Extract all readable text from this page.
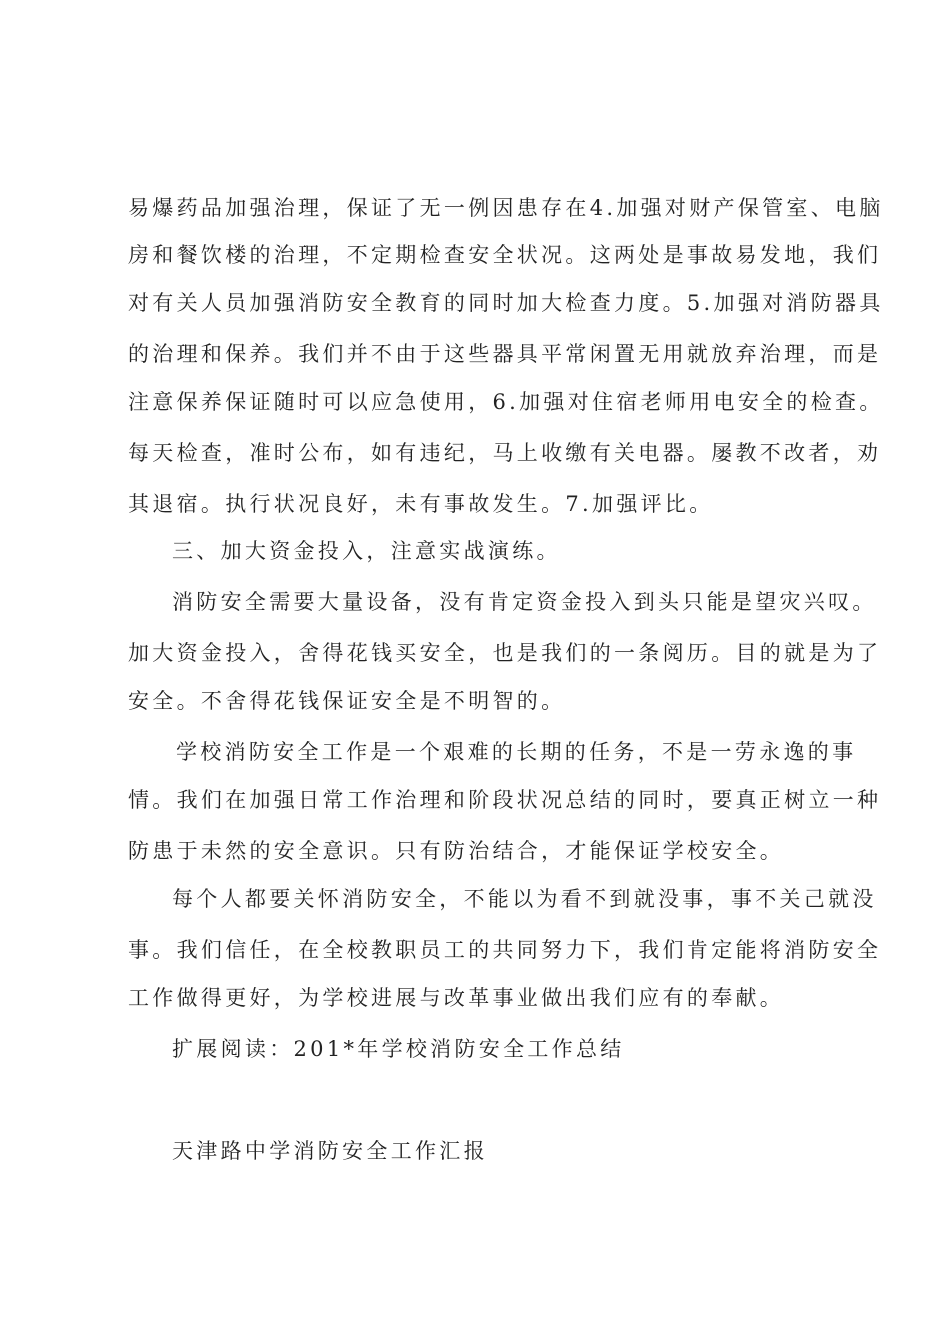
易爆药品加强治理，保证了无一例因患存在4.加强对财产保管室、电脑
房和餐饮楼的治理，不定期检查安全状况。这两处是事故易发地，我们
对有关人员加强消防安全教育的同时加大检查力度。5.加强对消防器具
的治理和保养。我们并不由于这些器具平常闲置无用就放弃治理，而是
注意保养保证随时可以应急使用，6.加强对住宿老师用电安全的检查。
每天检查，准时公布，如有违纪，马上收缴有关电器。屡教不改者，劝
其退宿。执行状况良好，未有事故发生。7.加强评比。
三、加大资金投入，注意实战演练。
消防安全需要大量设备，没有肯定资金投入到头只能是望灾兴叹。
加大资金投入，舍得花钱买安全，也是我们的一条阅历。目的就是为了
安全。不舍得花钱保证安全是不明智的。
学校消防安全工作是一个艰难的长期的任务，不是一劳永逸的事
情。我们在加强日常工作治理和阶段状况总结的同时，要真正树立一种
防患于未然的安全意识。只有防治结合，才能保证学校安全。
每个人都要关怀消防安全，不能以为看不到就没事，事不关己就没
事。我们信任，在全校教职员工的共同努力下，我们肯定能将消防安全
工作做得更好，为学校进展与改革事业做出我们应有的奉献。
扩展阅读：201*年学校消防安全工作总结
天津路中学消防安全工作汇报
